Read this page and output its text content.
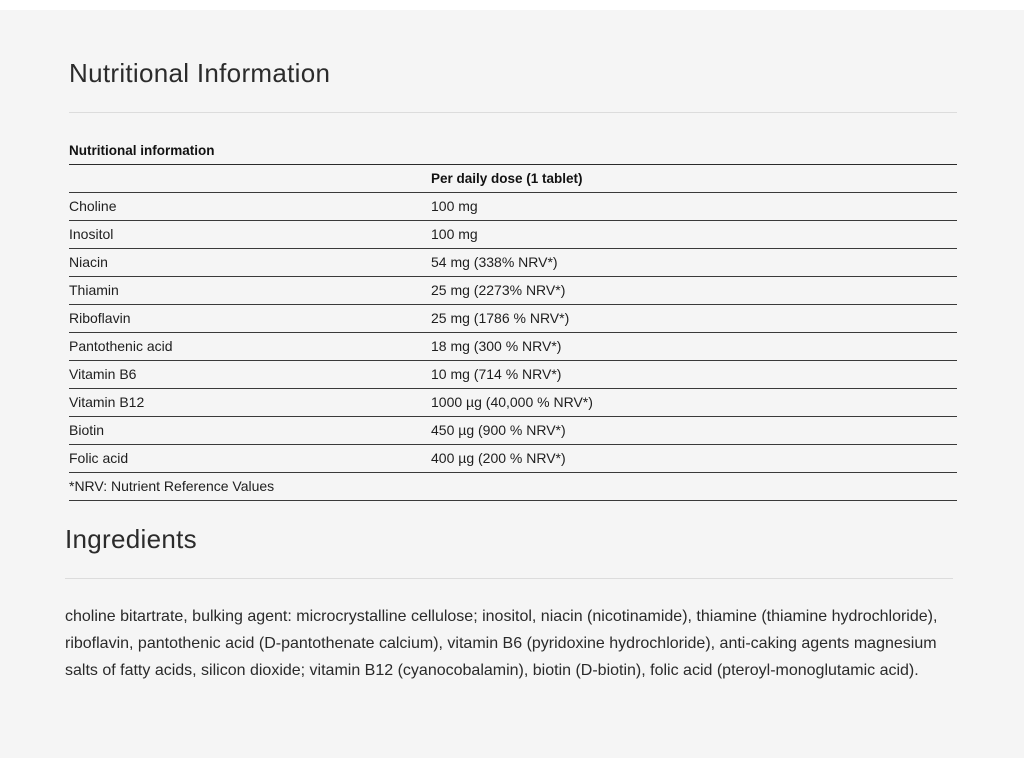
Nutritional Information
Nutritional information
Per daily dose (1 tablet)
Choline	100 mg
Inositol	100 mg
Niacin	54 mg (338% NRV*)
Thiamin	25 mg (2273% NRV*)
Riboflavin	25 mg (1786 % NRV*)
Pantothenic acid	18 mg (300 % NRV*)
Vitamin B6	10 mg (714 % NRV*)
Vitamin B12	1000 µg (40,000 % NRV*)
Biotin	450 µg (900 % NRV*)
Folic acid	400 µg (200 % NRV*)
*NRV: Nutrient Reference Values
Ingredients

choline bitartrate, bulking agent: microcrystalline cellulose; inositol, niacin (nicotinamide), thiamine (thiamine hydrochloride), riboflavin, pantothenic acid (D-pantothenate calcium), vitamin B6 (pyridoxine hydrochloride), anti-caking agents magnesium salts of fatty acids, silicon dioxide; vitamin B12 (cyanocobalamin), biotin (D-biotin), folic acid (pteroyl-monoglutamic acid).
